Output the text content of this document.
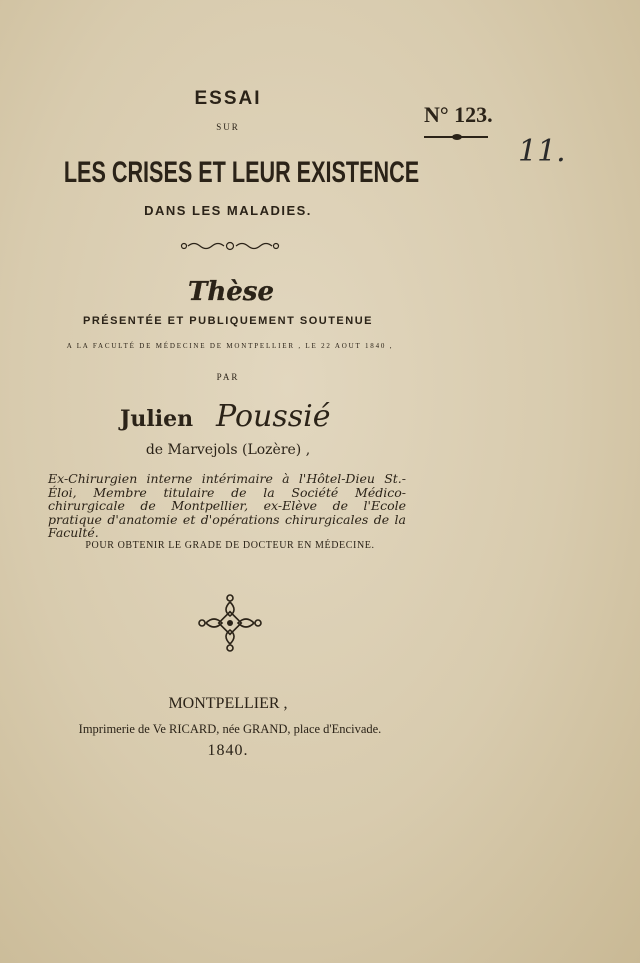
ESSAI
SUR
LES CRISES ET LEUR EXISTENCE
DANS LES MALADIES.
Thèse
PRÉSENTÉE ET PUBLIQUEMENT SOUTENUE
A LA FACULTÉ DE MÉDECINE DE MONTPELLIER , LE 22 AOUT 1840 ,
PAR
Julien Poussié
de Marvejols (Lozère) ,
Ex-Chirurgien interne intérimaire à l'Hôtel-Dieu St.-Éloi, Membre titulaire de la Société Médico-chirurgicale de Montpellier, ex-Elève de l'Ecole pratique d'anatomie et d'opérations chirurgicales de la Faculté.
POUR OBTENIR LE GRADE DE DOCTEUR EN MÉDECINE.
MONTPELLIER ,
Imprimerie de Ve RICARD, née GRAND, place d'Encivade.
1840.
N° 123.
11.
